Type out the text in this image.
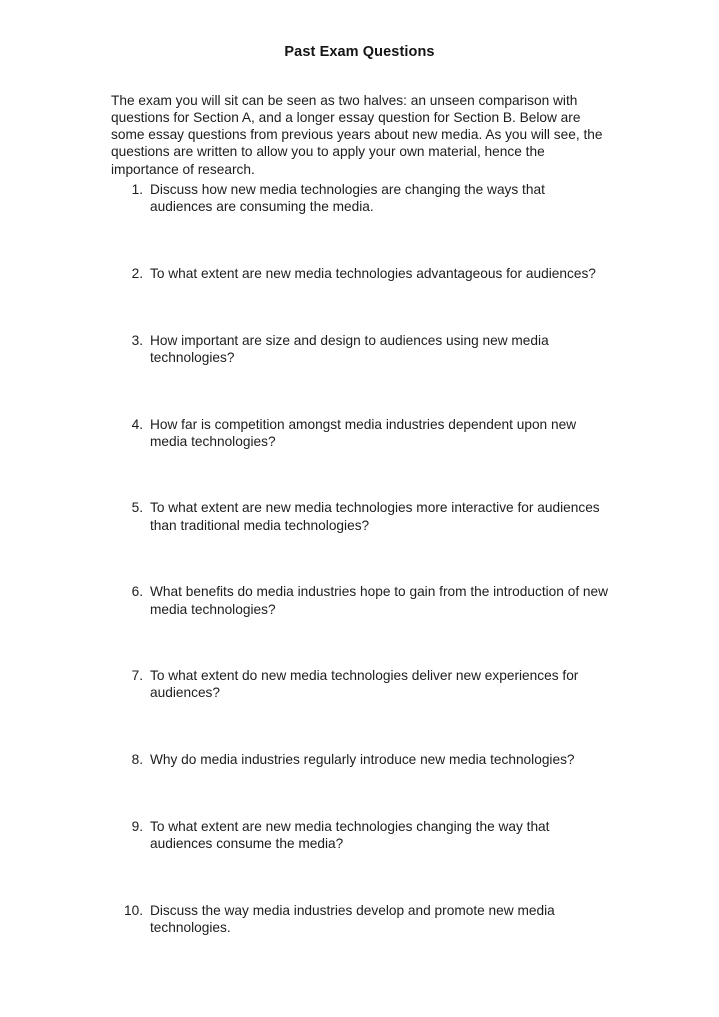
Past Exam Questions

The exam you will sit can be seen as two halves: an unseen comparison with questions for Section A, and a longer essay question for Section B. Below are some essay questions from previous years about new media. As you will see, the questions are written to allow you to apply your own material, hence the importance of research.

1. Discuss how new media technologies are changing the ways that audiences are consuming the media.
2. To what extent are new media technologies advantageous for audiences?
3. How important are size and design to audiences using new media technologies?
4. How far is competition amongst media industries dependent upon new media technologies?
5. To what extent are new media technologies more interactive for audiences than traditional media technologies?
6. What benefits do media industries hope to gain from the introduction of new media technologies?
7. To what extent do new media technologies deliver new experiences for audiences?
8. Why do media industries regularly introduce new media technologies?
9. To what extent are new media technologies changing the way that audiences consume the media?
10. Discuss the way media industries develop and promote new media technologies.
